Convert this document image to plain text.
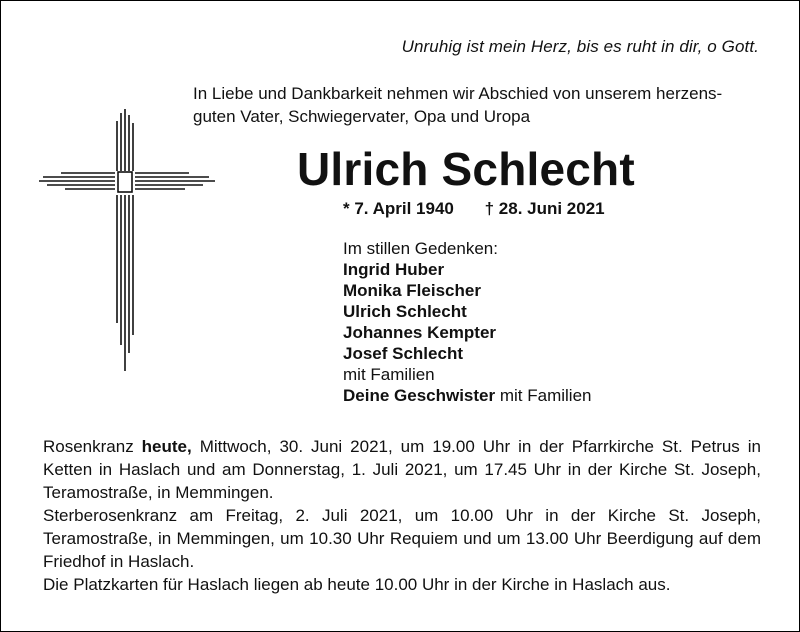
Unruhig ist mein Herz, bis es ruht in dir, o Gott.
In Liebe und Dankbarkeit nehmen wir Abschied von unserem herzens-
guten Vater, Schwiegervater, Opa und Uropa
Ulrich Schlecht
* 7. April 1940 † 28. Juni 2021
Im stillen Gedenken:
Ingrid Huber
Monika Fleischer
Ulrich Schlecht
Johannes Kempter
Josef Schlecht
mit Familien
Deine Geschwister mit Familien

Rosenkranz heute, Mittwoch, 30. Juni 2021, um 19.00 Uhr in der Pfarrkirche St. Petrus in Ketten in Haslach und am Donnerstag, 1. Juli 2021, um 17.45 Uhr in der Kirche St. Joseph, Teramostraße, in Memmingen.

Sterberosenkranz am Freitag, 2. Juli 2021, um 10.00 Uhr in der Kirche St. Joseph, Teramostraße, in Memmingen, um 10.30 Uhr Requiem und um 13.00 Uhr Beerdigung auf dem Friedhof in Haslach.

Die Platzkarten für Haslach liegen ab heute 10.00 Uhr in der Kirche in Haslach aus.
